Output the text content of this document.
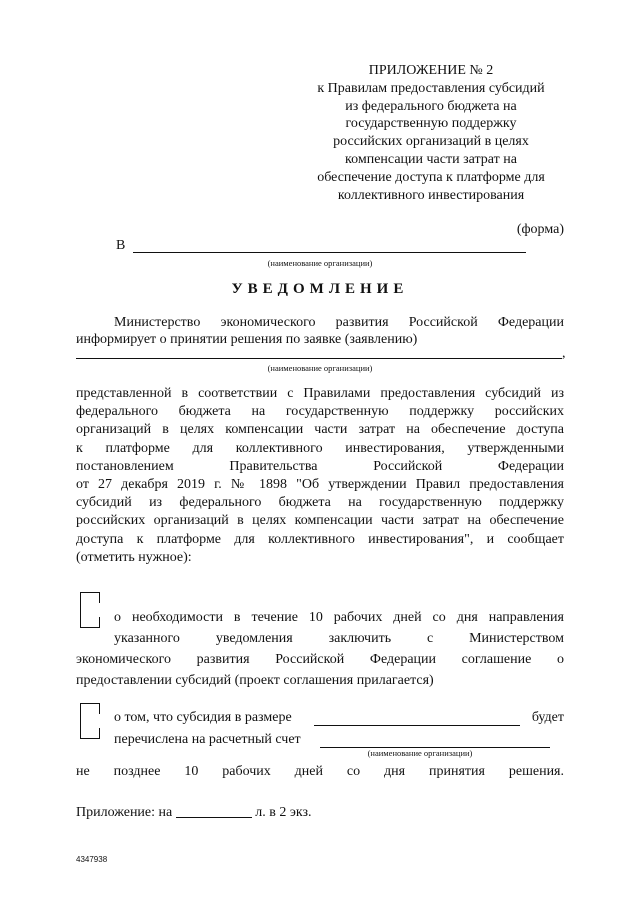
ПРИЛОЖЕНИЕ № 2
к Правилам предоставления субсидий
из федерального бюджета на
государственную поддержку
российских организаций в целях
компенсации части затрат на
обеспечение доступа к платформе для
коллективного инвестирования
(форма)
В
(наименование организации)
УВЕДОМЛЕНИЕ
Министерство экономического развития Российской Федерации
информирует о принятии решения по заявке (заявлению)
,
(наименование организации)
представленной в соответствии с Правилами предоставления субсидий из
федерального бюджета на государственную поддержку российских
организаций в целях компенсации части затрат на обеспечение доступа
к платформе для коллективного инвестирования, утвержденными
постановлением Правительства Российской Федерации
от 27 декабря 2019 г. № 1898 "Об утверждении Правил предоставления
субсидий из федерального бюджета на государственную поддержку
российских организаций в целях компенсации части затрат на обеспечение
доступа к платформе для коллективного инвестирования", и сообщает
(отметить нужное):
о необходимости в течение 10 рабочих дней со дня направления
указанного уведомления заключить с Министерством
экономического развития Российской Федерации соглашение о
предоставлении субсидий (проект соглашения прилагается)
о том, что субсидия в размере	будет
перечислена на расчетный счет
(наименование организации)
не позднее 10 рабочих дней со дня принятия решения.
Приложение: на	л. в 2 экз.
4347938
